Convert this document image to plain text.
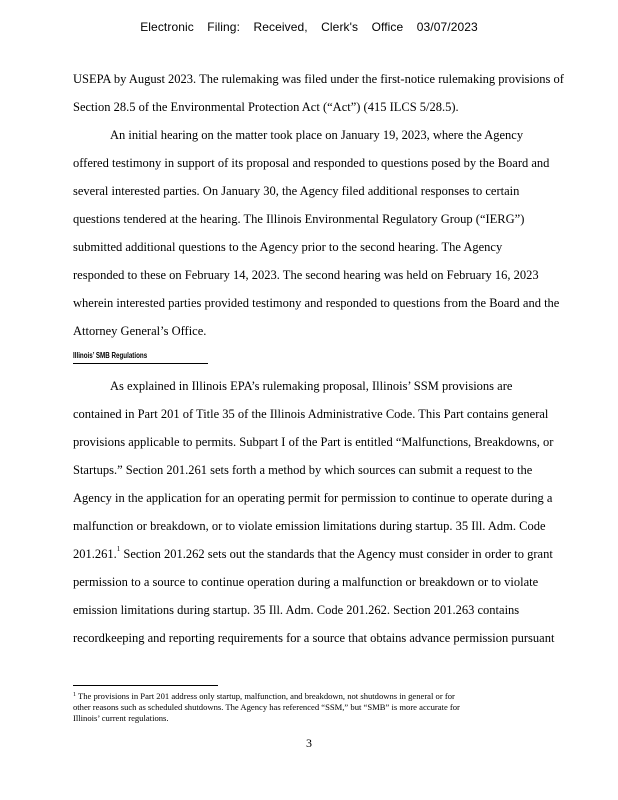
Electronic Filing: Received, Clerk's Office 03/07/2023
USEPA by August 2023. The rulemaking was filed under the first-notice rulemaking provisions of
Section 28.5 of the Environmental Protection Act (“Act”) (415 ILCS 5/28.5).
An initial hearing on the matter took place on January 19, 2023, where the Agency
offered testimony in support of its proposal and responded to questions posed by the Board and
several interested parties. On January 30, the Agency filed additional responses to certain
questions tendered at the hearing. The Illinois Environmental Regulatory Group (“IERG”)
submitted additional questions to the Agency prior to the second hearing. The Agency
responded to these on February 14, 2023. The second hearing was held on February 16, 2023
wherein interested parties provided testimony and responded to questions from the Board and the
Attorney General’s Office.
As explained in Illinois EPA’s rulemaking proposal, Illinois’ SSM provisions are
contained in Part 201 of Title 35 of the Illinois Administrative Code. This Part contains general
provisions applicable to permits. Subpart I of the Part is entitled “Malfunctions, Breakdowns, or
Startups.” Section 201.261 sets forth a method by which sources can submit a request to the
Agency in the application for an operating permit for permission to continue to operate during a
malfunction or breakdown, or to violate emission limitations during startup. 35 Ill. Adm. Code
201.261.$^1$ Section 201.262 sets out the standards that the Agency must consider in order to grant
permission to a source to continue operation during a malfunction or breakdown or to violate
emission limitations during startup. 35 Ill. Adm. Code 201.262. Section 201.263 contains
recordkeeping and reporting requirements for a source that obtains advance permission pursuant
Illinois’ SMB Regulations
$^1$ The provisions in Part 201 address only startup, malfunction, and breakdown, not shutdowns in general or for
other reasons such as scheduled shutdowns. The Agency has referenced “SSM,” but “SMB” is more accurate for
Illinois’ current regulations.
3
